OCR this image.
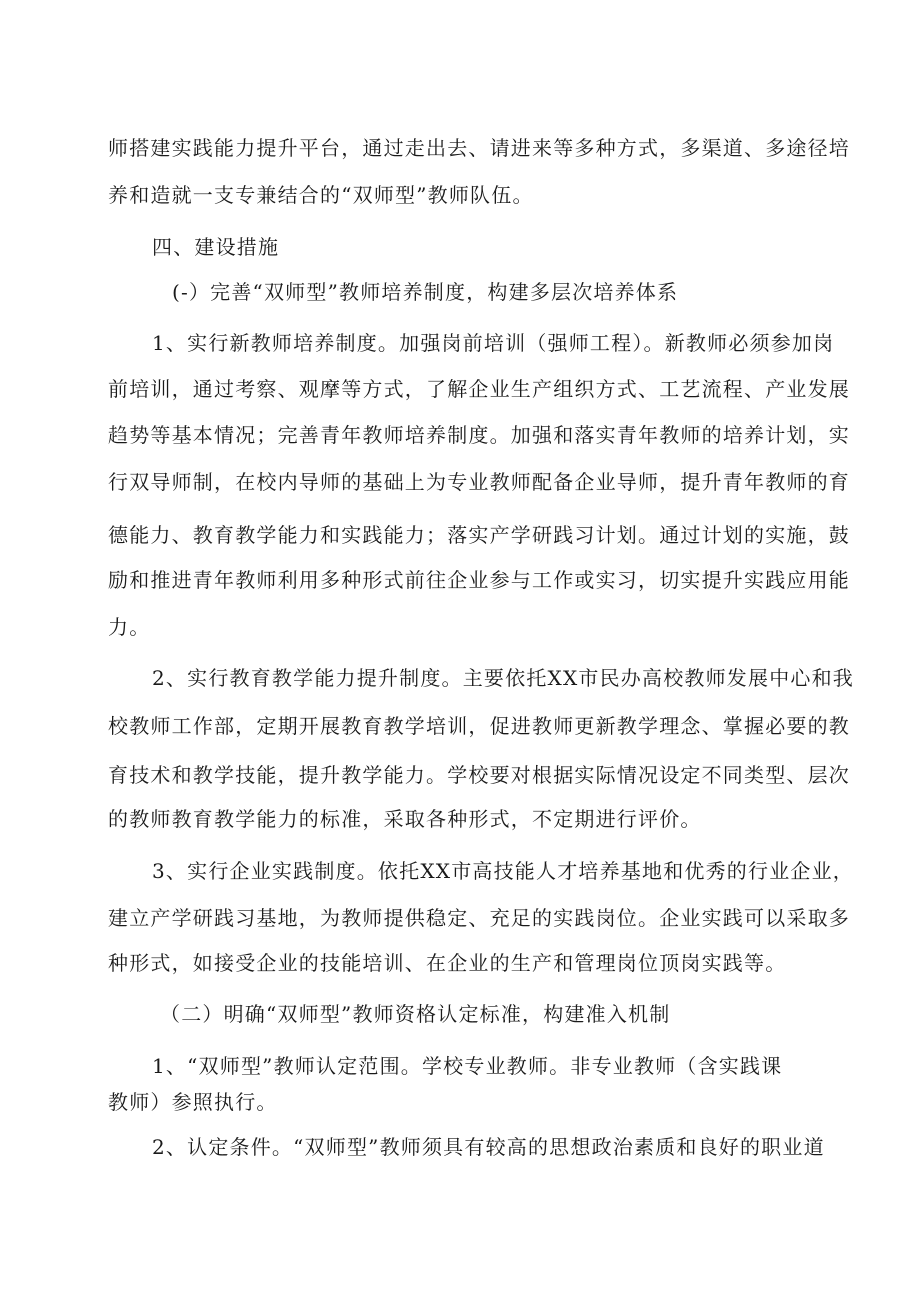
师搭建实践能力提升平台，通过走出去、请进来等多种方式，多渠道、多途径培
养和造就一支专兼结合的“双师型”教师队伍。
四、建设措施
(-）完善“双师型”教师培养制度，构建多层次培养体系
1、实行新教师培养制度。加强岗前培训（强师工程）。新教师必须参加岗
前培训，通过考察、观摩等方式，了解企业生产组织方式、工艺流程、产业发展
趋势等基本情况；完善青年教师培养制度。加强和落实青年教师的培养计划，实
行双导师制，在校内导师的基础上为专业教师配备企业导师，提升青年教师的育
德能力、教育教学能力和实践能力；落实产学研践习计划。通过计划的实施，鼓
励和推进青年教师利用多种形式前往企业参与工作或实习，切实提升实践应用能
力。
2、实行教育教学能力提升制度。主要依托XX市民办高校教师发展中心和我
校教师工作部，定期开展教育教学培训，促进教师更新教学理念、掌握必要的教
育技术和教学技能，提升教学能力。学校要对根据实际情况设定不同类型、层次
的教师教育教学能力的标准，采取各种形式，不定期进行评价。
3、实行企业实践制度。依托XX市高技能人才培养基地和优秀的行业企业，
建立产学研践习基地，为教师提供稳定、充足的实践岗位。企业实践可以采取多
种形式，如接受企业的技能培训、在企业的生产和管理岗位顶岗实践等。
（二）明确“双师型”教师资格认定标准，构建准入机制
1、“双师型”教师认定范围。学校专业教师。非专业教师（含实践课
教师）参照执行。
2、认定条件。“双师型”教师须具有较高的思想政治素质和良好的职业道
